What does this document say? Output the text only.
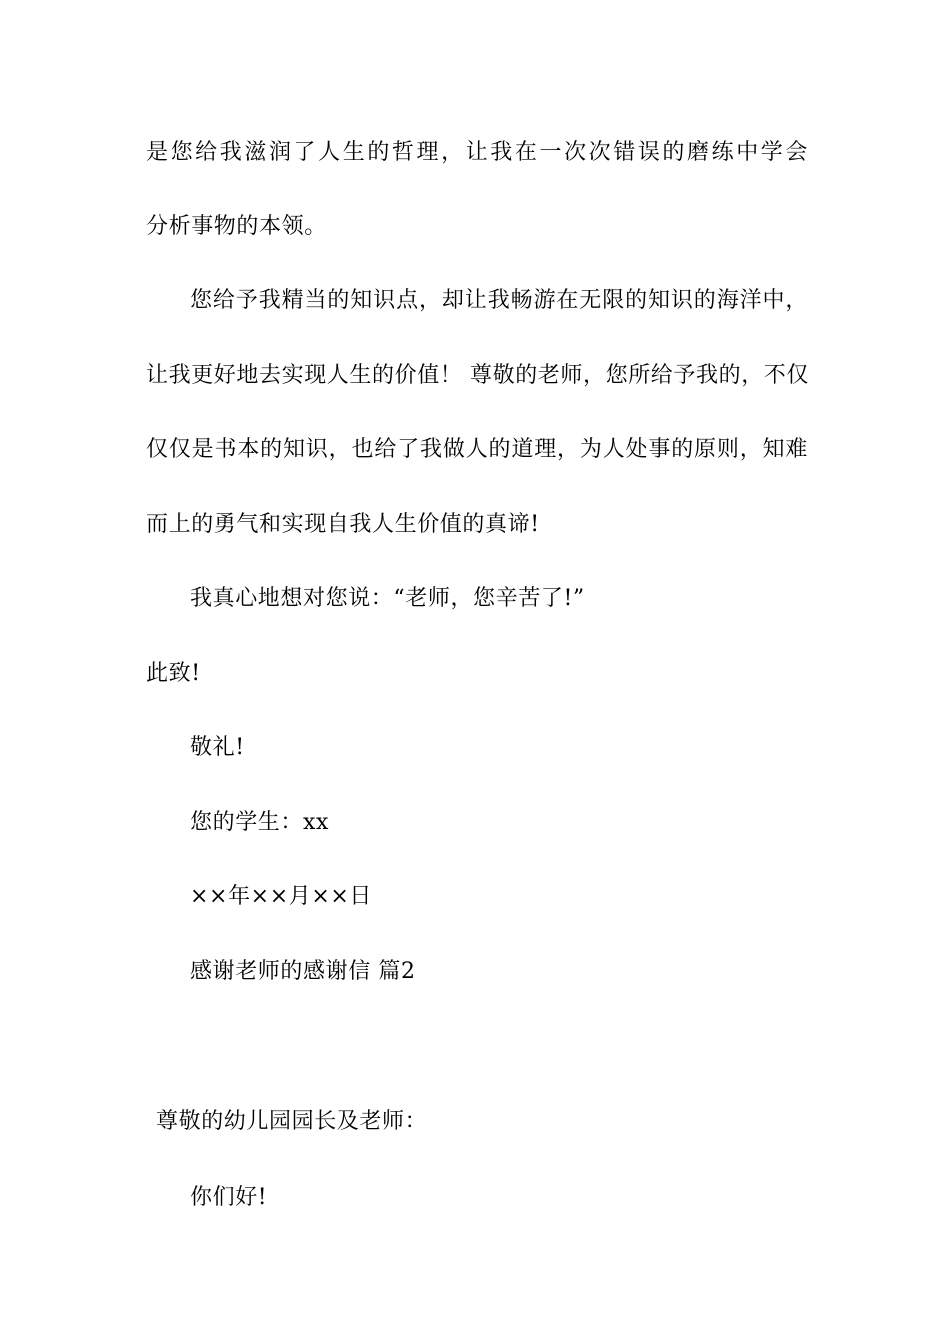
是您给我滋润了人生的哲理，让我在一次次错误的磨练中学会
分析事物的本领。
您给予我精当的知识点，却让我畅游在无限的知识的海洋中，
让我更好地去实现人生的价值！ 尊敬的老师，您所给予我的，不仅
仅仅是书本的知识，也给了我做人的道理，为人处事的原则，知难
而上的勇气和实现自我人生价值的真谛!
我真心地想对您说：“老师，您辛苦了!”
此致!
敬礼!
您的学生：xx
××年××月××日
感谢老师的感谢信 篇2
尊敬的幼儿园园长及老师：
你们好!
